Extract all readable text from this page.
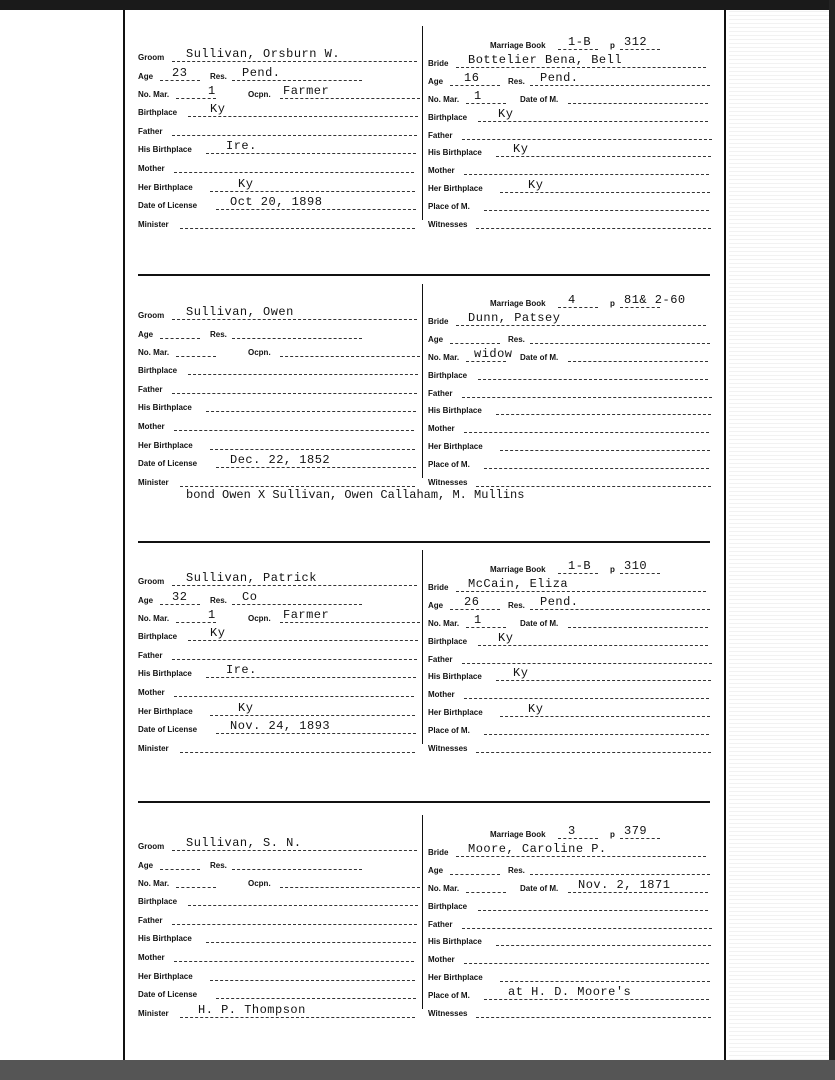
Groom Sullivan, Orsburn W.
Age 23	Res. Pend.
No. Mar.	1	Ocpn. Farmer
Birthplace	Ky
Father
His Birthplace	Ire.
Mother
Her Birthplace	Ky
Date of License	Oct 20, 1898
Minister
Marriage Book 1-B p 312
Bride Bottelier Bena, Bell
Age 16	Res. Pend.
No. Mar. 1	Date of M.
Birthplace	Ky
Father
His Birthplace	Ky
Mother
Her Birthplace	Ky
Place of M.
Witnesses
Groom Sullivan, Owen
Age	Res.
No. Mar.	Ocpn.
Birthplace
Father
His Birthplace
Mother
Her Birthplace
Date of License	Dec. 22, 1852
Minister
Marriage Book 4	p 81& 2-60
Bride Dunn, Patsey
Age	Res.
No. Mar. widow Date of M.
Birthplace
Father
His Birthplace
Mother
Her Birthplace
Place of M.
Witnesses
bond Owen X Sullivan, Owen Callaham, M. Mullins
Groom Sullivan, Patrick
Age 32	Res. Co
No. Mar.	1	Ocpn. Farmer
Birthplace	Ky
Father
His Birthplace	Ire.
Mother
Her Birthplace	Ky
Date of License	Nov. 24, 1893
Minister
Marriage Book 1-B p 310
Bride McCain, Eliza
Age 26	Res. Pend.
No. Mar. 1	Date of M.
Birthplace	Ky
Father
His Birthplace	Ky
Mother
Her Birthplace	Ky
Place of M.
Witnesses
Groom Sullivan, S. N.
Age	Res.
No. Mar.	Ocpn.
Birthplace
Father
His Birthplace
Mother
Her Birthplace
Date of License
Minister H. P. Thompson
Marriage Book 3	p 379
Bride Moore, Caroline P.
Age	Res.
No. Mar.	Date of M. Nov. 2, 1871
Birthplace
Father
His Birthplace
Mother
Her Birthplace
Place of M.	at H. D. Moore's
Witnesses
